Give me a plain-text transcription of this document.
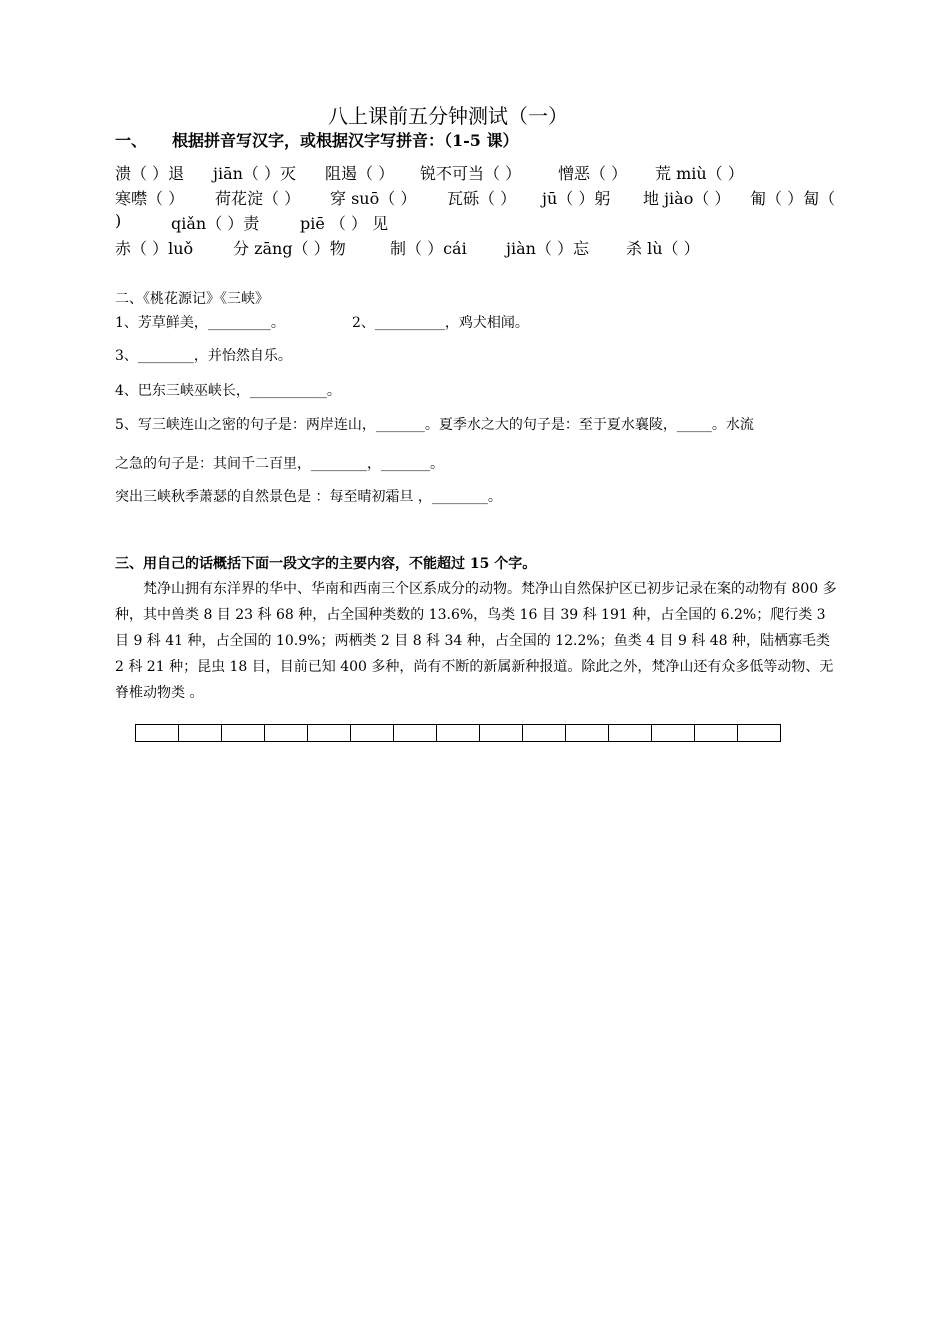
八上课前五分钟测试（一）
一、 根据拼音写汉字，或根据汉字写拼音：（1-5 课）
溃（ ）退 jiān（ ）灭 阻遏（ ） 锐不可当（ ） 憎恶（ ） 荒 miù（ ）
寒噤（ ） 荷花淀（ ） 穿 suō（ ） 瓦砾（ ） jū（ ）躬 地 jiào（ ） 匍（ ）匐（
)	qiǎn（ ）责	piē （ ） 见
赤（ ）luǒ 分 zāng（ ）物	制（ ）cái jiàn（ ）忘 杀 lù（ ）
二、《桃花源记》《三峡》
1、芳草鲜美，_________。	2、__________，鸡犬相闻。
3、________，并怡然自乐。
4、巴东三峡巫峡长，___________。
5、写三峡连山之密的句子是：两岸连山，_______。夏季水之大的句子是：至于夏水襄陵，_____。水流
之急的句子是：其间千二百里，________，_______。
突出三峡秋季萧瑟的自然景色是 ：每至晴初霜旦 ，________。
三、用自己的话概括下面一段文字的主要内容，不能超过 15 个字。
梵净山拥有东洋界的华中、华南和西南三个区系成分的动物。梵净山自然保护区已初步记录在案的动物有 800 多种，其中兽类 8 目 23 科 68 种，占全国种类数的 13.6%，鸟类 16 目 39 科 191 种，占全国的 6.2%；爬行类 3 目 9 科 41 种，占全国的 10.9%；两栖类 2 目 8 科 34 种，占全国的 12.2%；鱼类 4 目 9 科 48 种，陆栖寡毛类 2 科 21 种；昆虫 18 目，目前已知 400 多种，尚有不断的新属新种报道。除此之外，梵净山还有众多低等动物、无脊椎动物类 。
